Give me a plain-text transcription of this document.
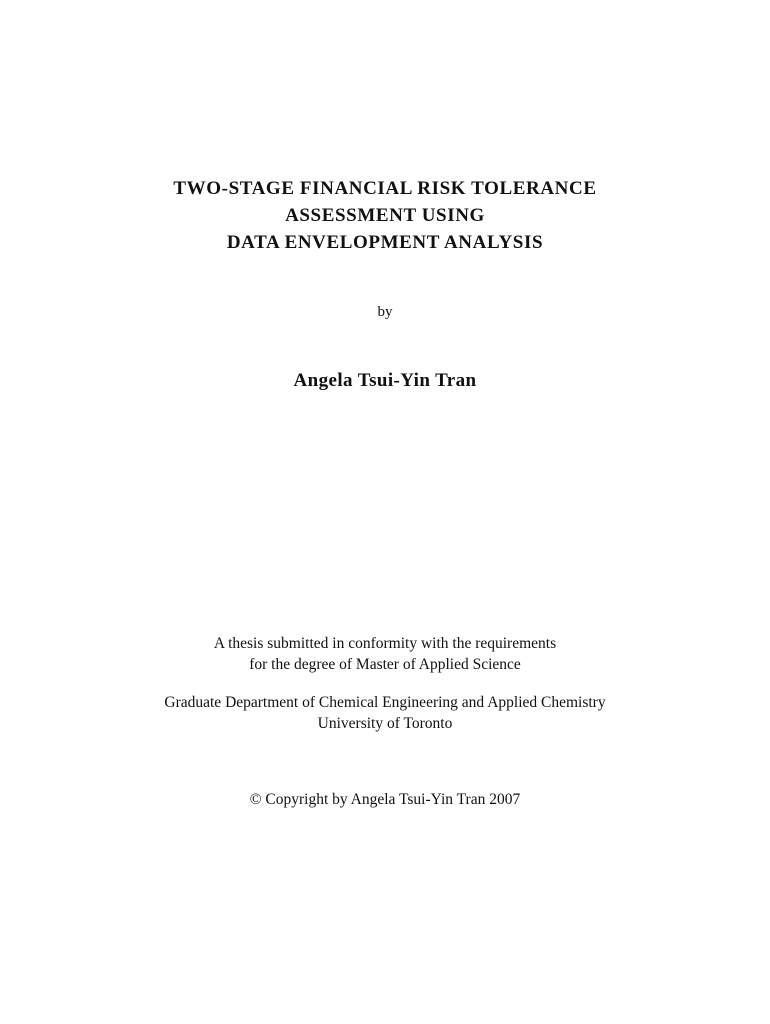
TWO-STAGE FINANCIAL RISK TOLERANCE
ASSESSMENT USING
DATA ENVELOPMENT ANALYSIS
by
Angela Tsui-Yin Tran
A thesis submitted in conformity with the requirements
for the degree of Master of Applied Science
Graduate Department of Chemical Engineering and Applied Chemistry
University of Toronto
© Copyright by Angela Tsui-Yin Tran 2007
